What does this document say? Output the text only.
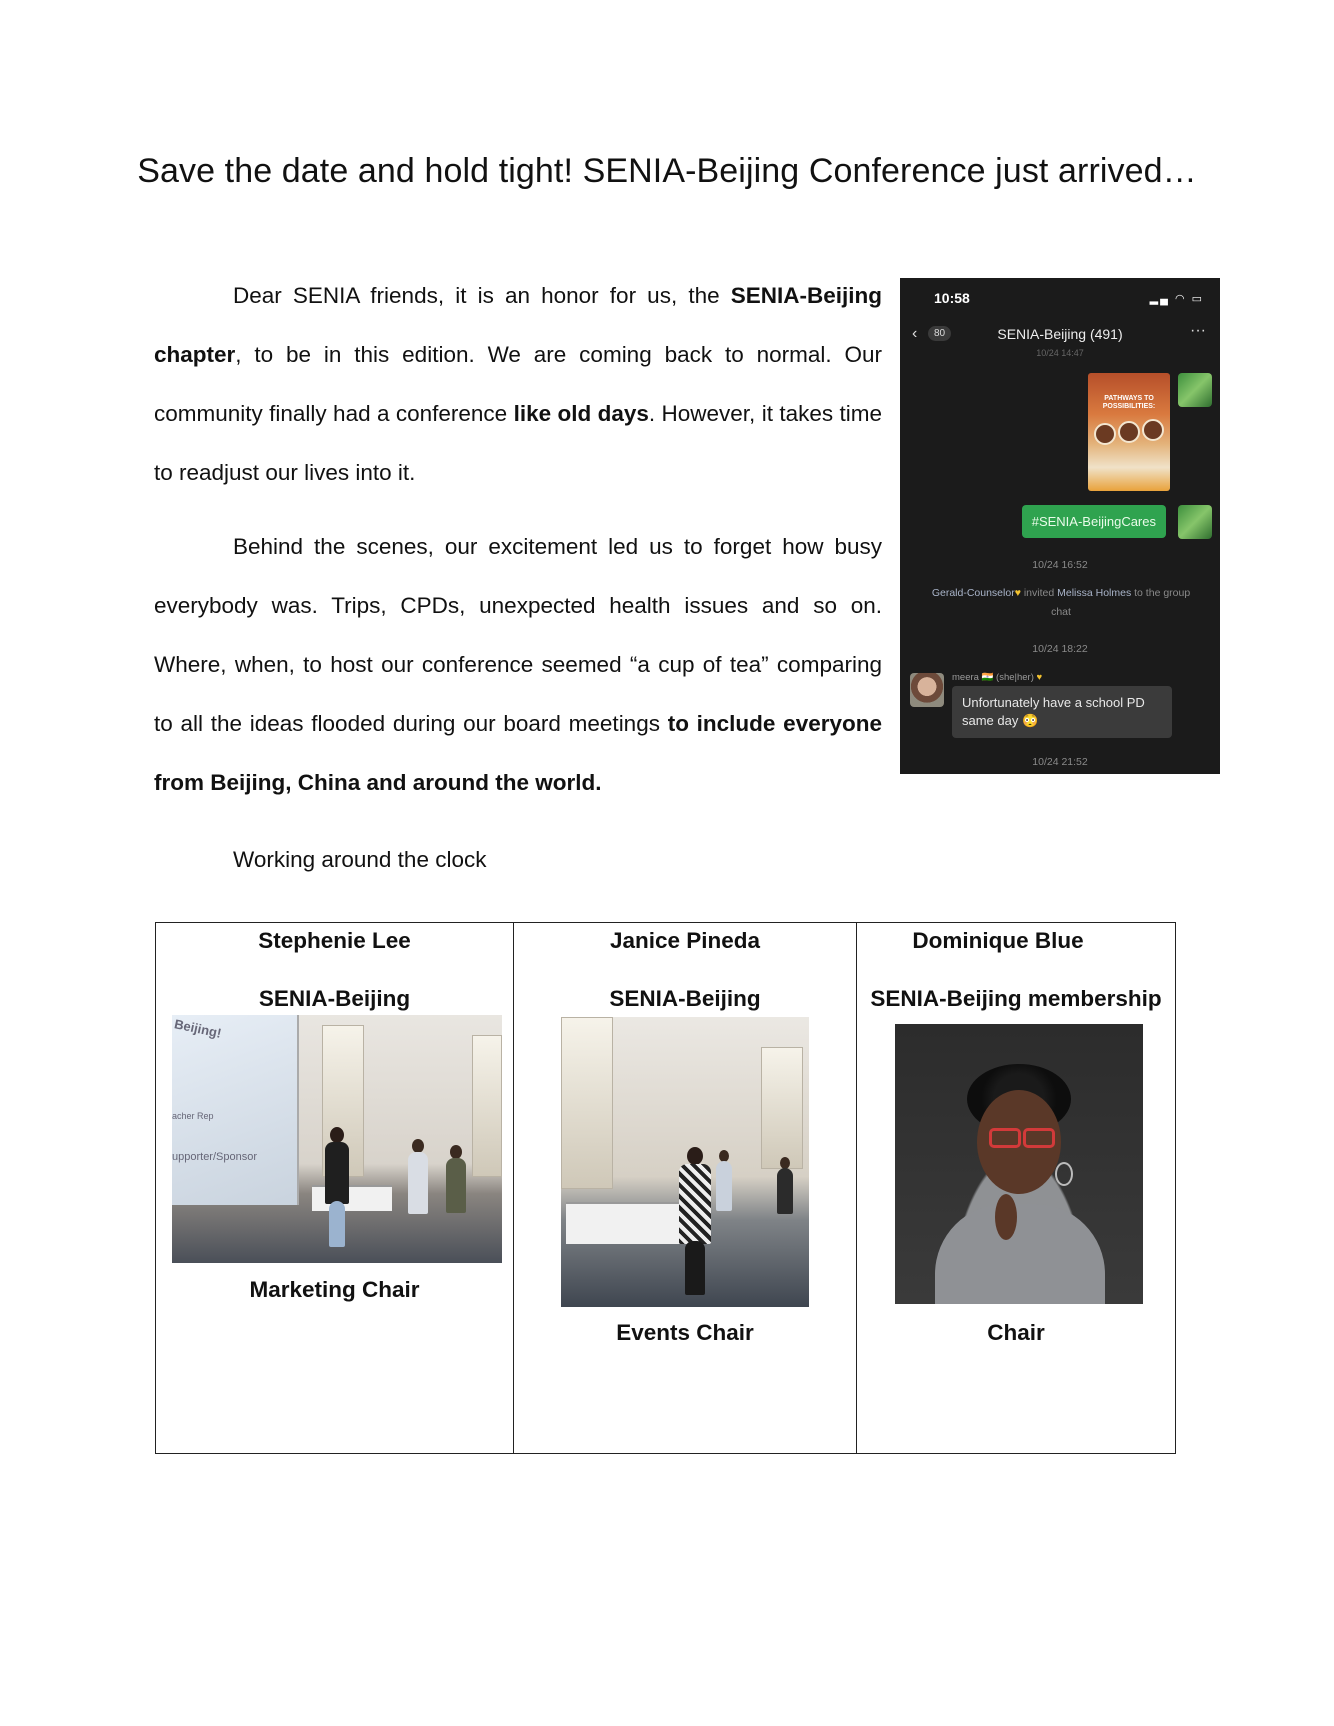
Save the date and hold tight! SENIA-Beijing Conference just arrived…
Dear SENIA friends, it is an honor for us, the SENIA-Beijing chapter, to be in this edition. We are coming back to normal. Our community finally had a conference like old days. However, it takes time to readjust our lives into it.
Behind the scenes, our excitement led us to forget how busy everybody was. Trips, CPDs, unexpected health issues and so on. Where, when, to host our conference seemed “a cup of tea” comparing to all the ideas flooded during our board meetings to include everyone from Beijing, China and around the world.
Working around the clock
10:58	▂▄ ◠ ▭
‹	80	SENIA-Beijing (491)	···
10/24 14:47
PATHWAYS TO POSSIBILITIES:
#SENIA-BeijingCares
10/24 16:52
Gerald-Counselor♥ invited Melissa Holmes to the group chat
10/24 18:22
meera 🇮🇳 (she|her) ♥
Unfortunately have a school PD same day 😳
10/24 21:52
Stephenie Lee
SENIA-Beijing
Beijing!
acher Rep
upporter/Sponsor
Marketing Chair

Janice Pineda
SENIA-Beijing
Events Chair

Dominique Blue
SENIA-Beijing membership
Chair
